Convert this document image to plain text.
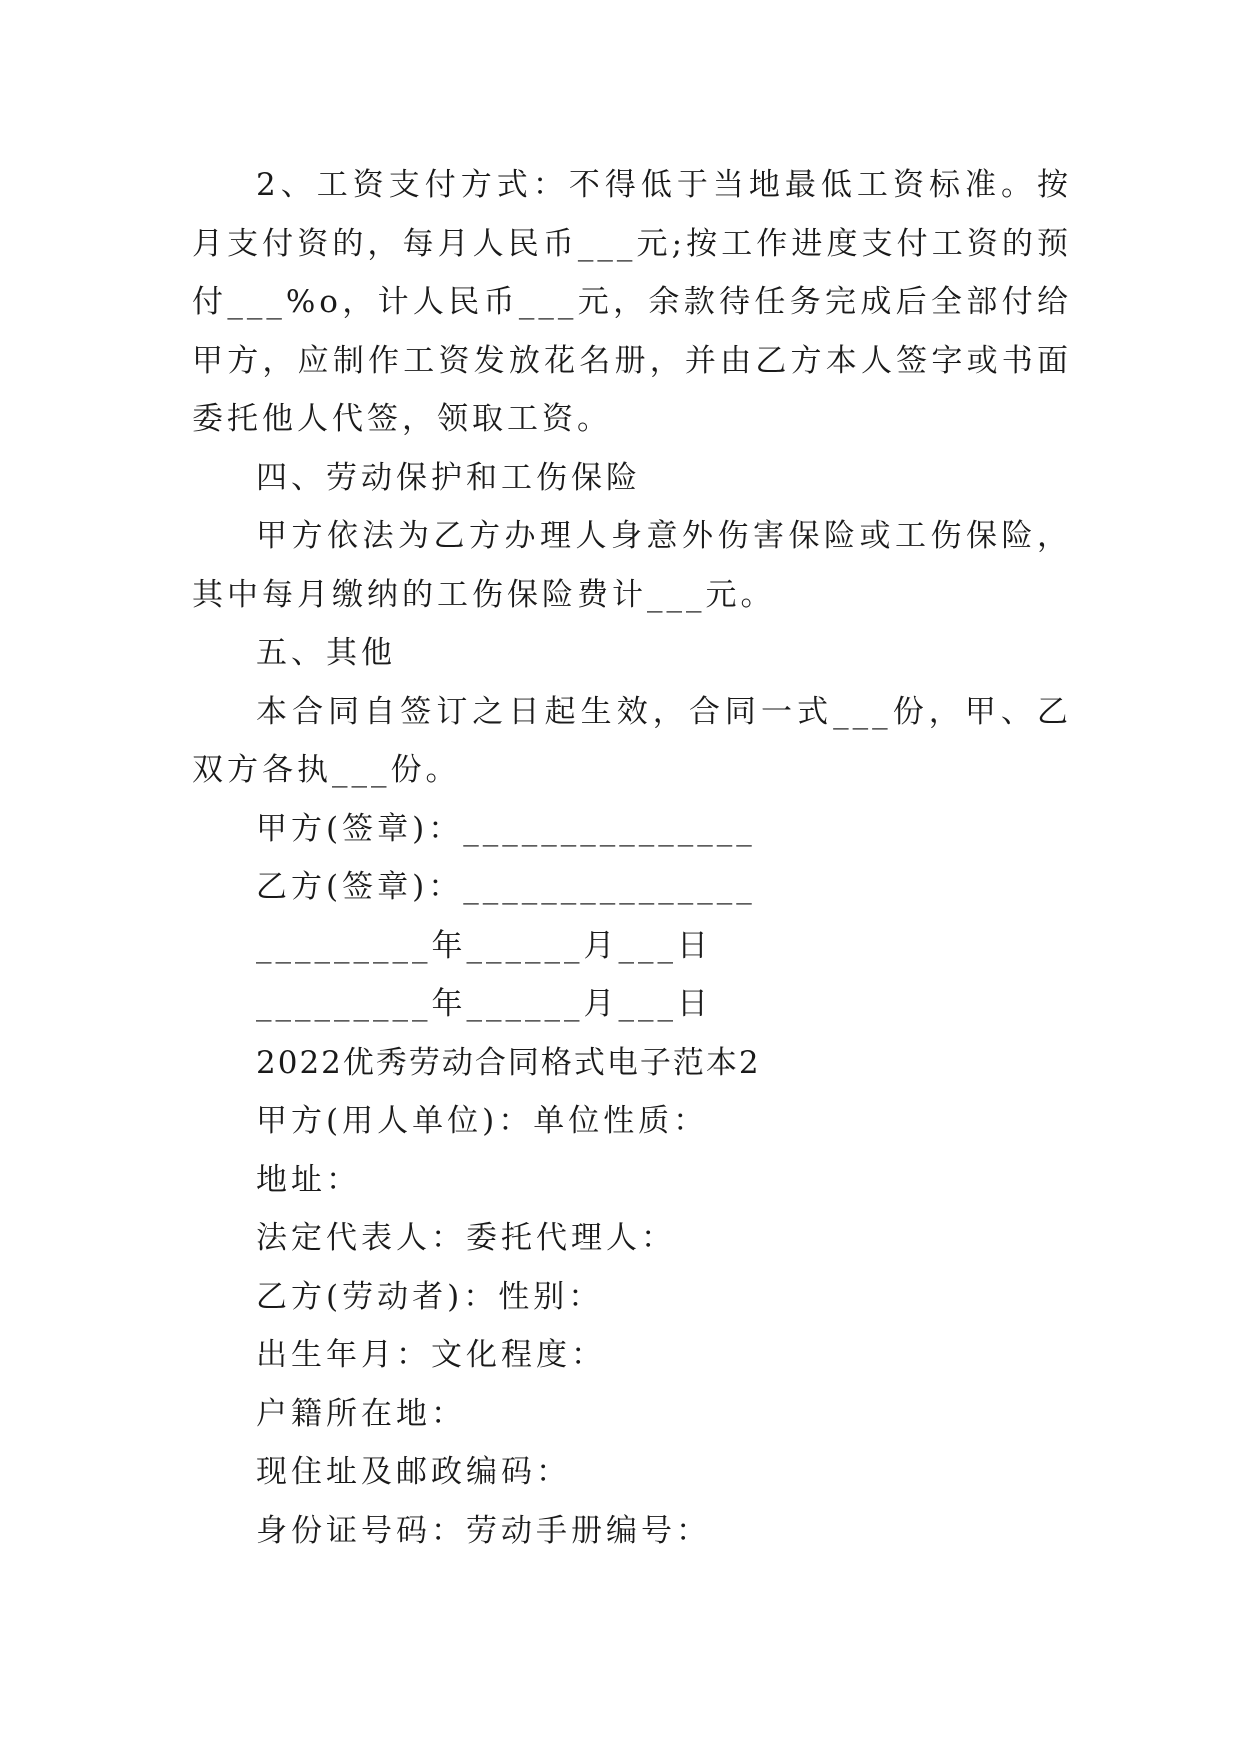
2、工资支付方式：不得低于当地最低工资标准。按月支付资的，每月人民币___元;按工作进度支付工资的预付___%o，计人民币___元，余款待任务完成后全部付给甲方，应制作工资发放花名册，并由乙方本人签字或书面委托他人代签，领取工资。

四、劳动保护和工伤保险

甲方依法为乙方办理人身意外伤害保险或工伤保险，其中每月缴纳的工伤保险费计___元。

五、其他

本合同自签订之日起生效，合同一式___份，甲、乙双方各执___份。

甲方(签章)：_______________

乙方(签章)：_______________

_________年______月___日

_________年______月___日

2022优秀劳动合同格式电子范本2

甲方(用人单位)：单位性质：

地址：

法定代表人：委托代理人：

乙方(劳动者)：性别：

出生年月：文化程度：

户籍所在地：

现住址及邮政编码：

身份证号码：劳动手册编号：
